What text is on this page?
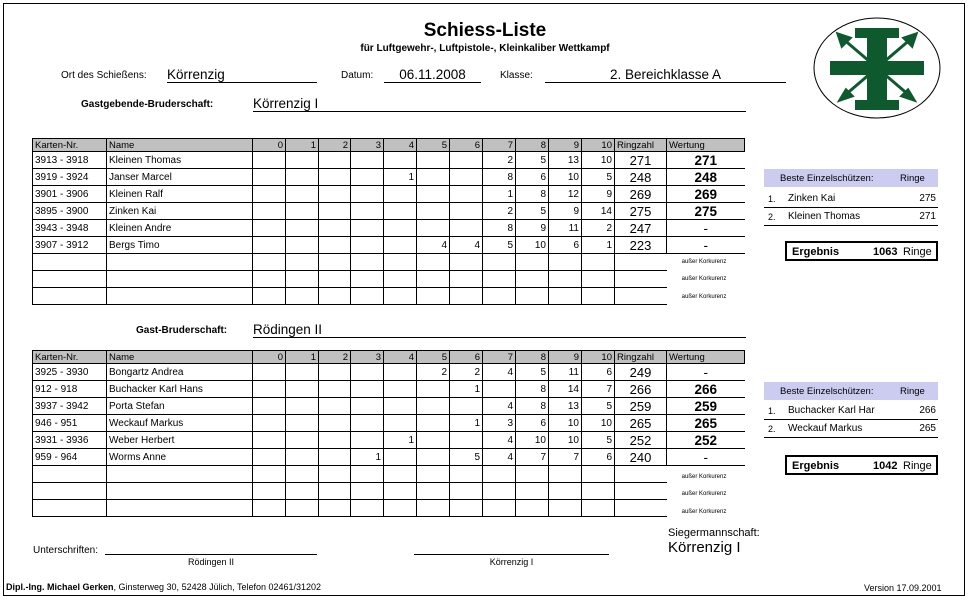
Schiess-Liste
für Luftgewehr-, Luftpistole-, Kleinkaliber Wettkampf
Ort des Schießens: Körrenzig	Datum:	06.11.2008	Klasse:	2. Bereichklasse A
Gastgebende-Bruderschaft:	Körrenzig I
Karten-Nr.	Name	0	1	2	3	4	5	6	7	8	9	10	Ringzahl	Wertung
3913 - 3918	Kleinen Thomas								2	5	13	10	271	271
3919 - 3924	Janser Marcel					1			8	6	10	5	248	248
3901 - 3906	Kleinen Ralf								1	8	12	9	269	269
3895 - 3900	Zinken Kai								2	5	9	14	275	275
3943 - 3948	Kleinen Andre								8	9	11	2	247	-
3907 - 3912	Bergs Timo						4	4	5	10	6	1	223	-

außer Korkurenz
außer Korkurenz
außer Korkurenz
Beste Einzelschützen:	Ringe
1. Zinken Kai	275
2. Kleinen Thomas	271
Ergebnis	1063 Ringe
Gast-Bruderschaft: Rödingen II
Karten-Nr.	Name	0	1	2	3	4	5	6	7	8	9	10	Ringzahl	Wertung
3925 - 3930	Bongartz Andrea						2	2	4	5	11	6	249	-
912 - 918	Buchacker Karl Hans							1		8	14	7	266	266
3937 - 3942	Porta Stefan								4	8	13	5	259	259
946 - 951	Weckauf Markus							1	3	6	10	10	265	265
3931 - 3936	Weber Herbert					1			4	10	10	5	252	252
959 - 964	Worms Anne				1			5	4	7	7	6	240	-

außer Korkurenz
außer Korkurenz
außer Korkurenz
Beste Einzelschützen:	Ringe
1. Buchacker Karl Har	266
2. Weckauf Markus	265
Ergebnis	1042 Ringe
Siegermannschaft:
Körrenzig I
Unterschriften:
Rödingen II	Körrenzig I
Dipl.-Ing. Michael Gerken, Ginsterweg 30, 52428 Jülich, Telefon 02461/31202	Version 17.09.2001
